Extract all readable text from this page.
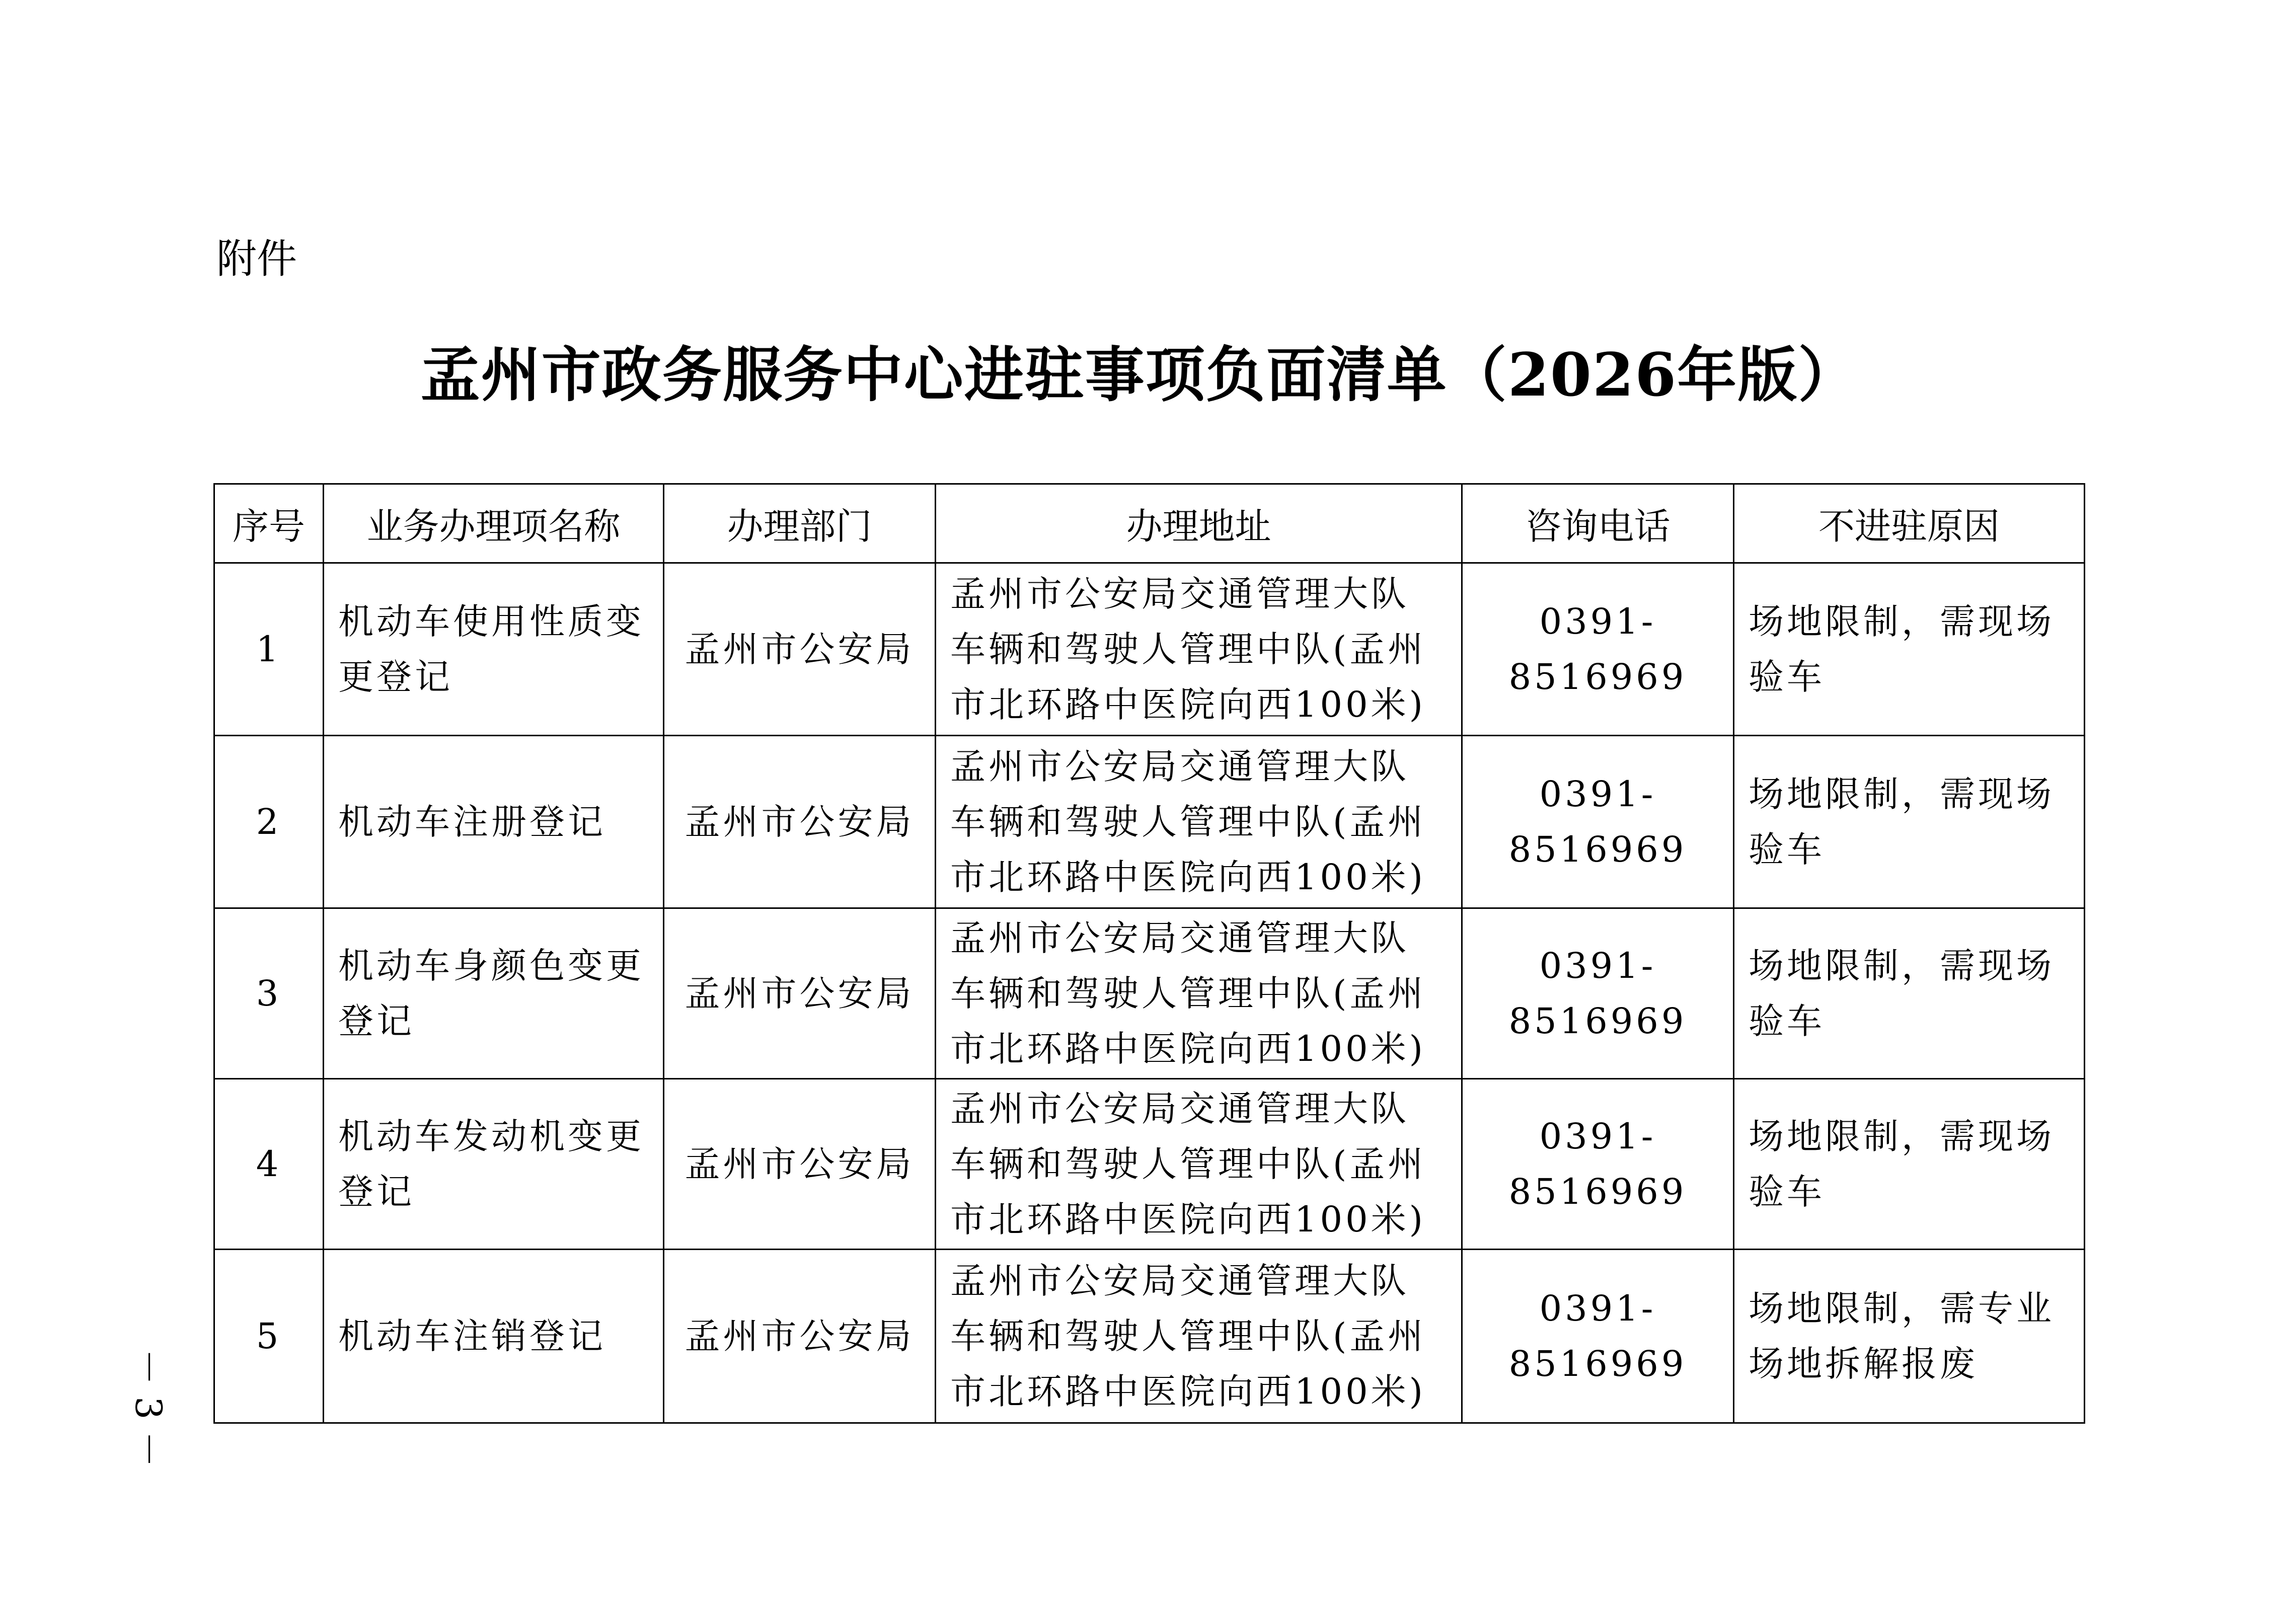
附件
孟州市政务服务中心进驻事项负面清单（2026年版）
序号	业务办理项名称	办理部门	办理地址	咨询电话	不进驻原因
1	机动车使用性质变更登记	孟州市公安局	孟州市公安局交通管理大队车辆和驾驶人管理中队(孟州市北环路中医院向西100米)	0391-8516969	场地限制，需现场验车
2	机动车注册登记	孟州市公安局	孟州市公安局交通管理大队车辆和驾驶人管理中队(孟州市北环路中医院向西100米)	0391-8516969	场地限制，需现场验车
3	机动车身颜色变更登记	孟州市公安局	孟州市公安局交通管理大队车辆和驾驶人管理中队(孟州市北环路中医院向西100米)	0391-8516969	场地限制，需现场验车
4	机动车发动机变更登记	孟州市公安局	孟州市公安局交通管理大队车辆和驾驶人管理中队(孟州市北环路中医院向西100米)	0391-8516969	场地限制，需现场验车
5	机动车注销登记	孟州市公安局	孟州市公安局交通管理大队车辆和驾驶人管理中队(孟州市北环路中医院向西100米)	0391-8516969	场地限制，需专业场地拆解报废
－ 3 －
